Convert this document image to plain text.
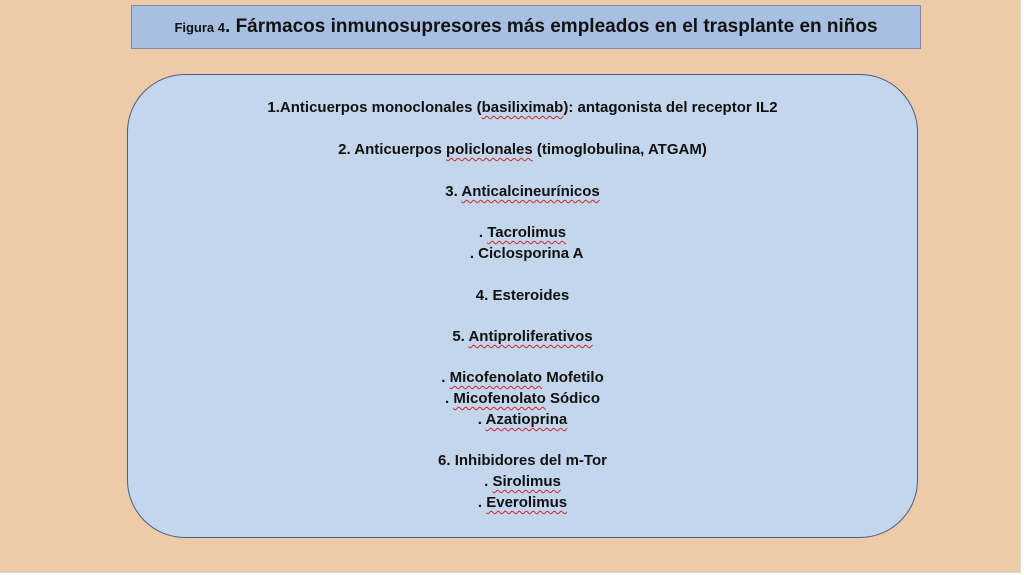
Figura 4 . Fármacos inmunosupresores más empleados en el trasplante en niños
1.Anticuerpos monoclonales (basiliximab): antagonista del receptor IL2
2. Anticuerpos policlonales (timoglobulina, ATGAM)
3. Anticalcineurínicos
. Tacrolimus
. Ciclosporina A
4. Esteroides
5. Antiproliferativos
. Micofenolato Mofetilo
. Micofenolato Sódico
. Azatioprina
6. Inhibidores del m-Tor
. Sirolimus
. Everolimus
